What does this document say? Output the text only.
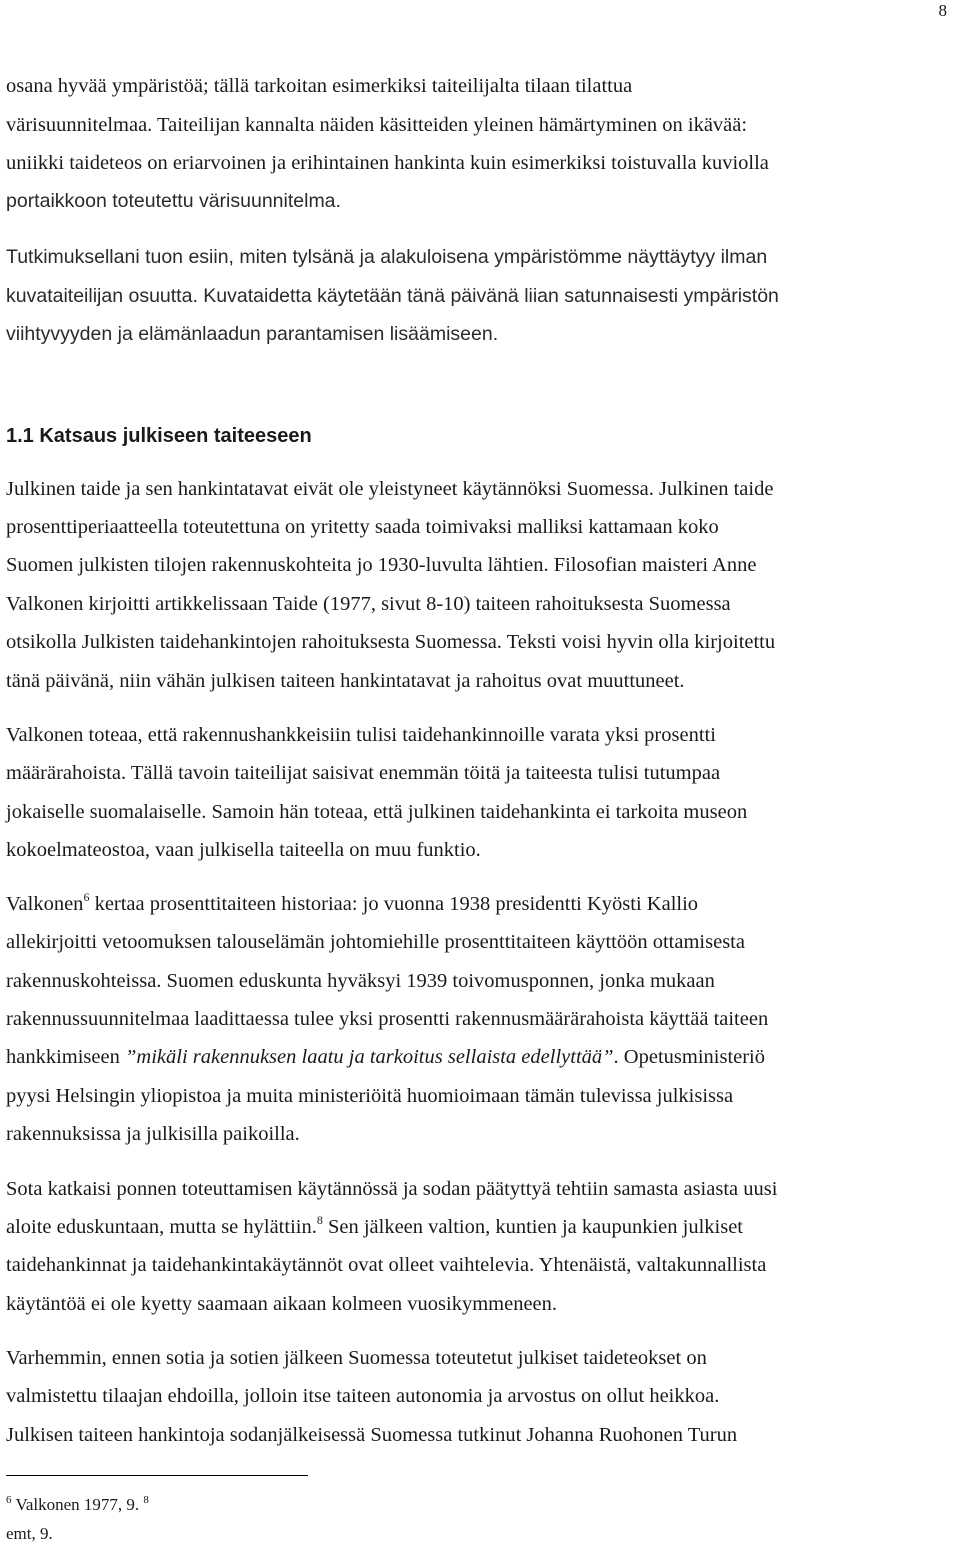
8
osana hyvää ympäristöä; tällä tarkoitan esimerkiksi taiteilijalta tilaan tilattua
värisuunnitelmaa. Taiteilijan kannalta näiden käsitteiden yleinen hämärtyminen on ikävää:
uniikki taideteos on eriarvoinen ja erihintainen hankinta kuin esimerkiksi toistuvalla kuviolla
portaikkoon toteutettu värisuunnitelma.
Tutkimuksellani tuon esiin, miten tylsänä ja alakuloisena ympäristömme näyttäytyy ilman
kuvataiteilijan osuutta. Kuvataidetta käytetään tänä päivänä liian satunnaisesti ympäristön
viihtyvyyden ja elämänlaadun parantamisen lisäämiseen.
1.1 Katsaus julkiseen taiteeseen
Julkinen taide ja sen hankintatavat eivät ole yleistyneet käytännöksi Suomessa. Julkinen taide
prosenttiperiaatteella toteutettuna on yritetty saada toimivaksi malliksi kattamaan koko
Suomen julkisten tilojen rakennuskohteita jo 1930-luvulta lähtien. Filosofian maisteri Anne
Valkonen kirjoitti artikkelissaan Taide (1977, sivut 8-10) taiteen rahoituksesta Suomessa
otsikolla Julkisten taidehankintojen rahoituksesta Suomessa. Teksti voisi hyvin olla kirjoitettu
tänä päivänä, niin vähän julkisen taiteen hankintatavat ja rahoitus ovat muuttuneet.
Valkonen toteaa, että rakennushankkeisiin tulisi taidehankinnoille varata yksi prosentti
määrärahoista. Tällä tavoin taiteilijat saisivat enemmän töitä ja taiteesta tulisi tutumpaa
jokaiselle suomalaiselle. Samoin hän toteaa, että julkinen taidehankinta ei tarkoita museon
kokoelmateostoa, vaan julkisella taiteella on muu funktio.
Valkonen$^6$ kertaa prosenttitaiteen historiaa: jo vuonna 1938 presidentti Kyösti Kallio
allekirjoitti vetoomuksen talouselämän johtomiehille prosenttitaiteen käyttöön ottamisesta
rakennuskohteissa. Suomen eduskunta hyväksyi 1939 toivomusponnen, jonka mukaan
rakennussuunnitelmaa laadittaessa tulee yksi prosentti rakennusmäärärahoista käyttää taiteen
hankkimiseen ”mikäli rakennuksen laatu ja tarkoitus sellaista edellyttää”. Opetusministeriö
pyysi Helsingin yliopistoa ja muita ministeriöitä huomioimaan tämän tulevissa julkisissa
rakennuksissa ja julkisilla paikoilla.
Sota katkaisi ponnen toteuttamisen käytännössä ja sodan päätyttyä tehtiin samasta asiasta uusi
aloite eduskuntaan, mutta se hylättiin.$^8$ Sen jälkeen valtion, kuntien ja kaupunkien julkiset
taidehankinnat ja taidehankintakäytännöt ovat olleet vaihtelevia. Yhtenäistä, valtakunnallista
käytäntöä ei ole kyetty saamaan aikaan kolmeen vuosikymmeneen.
Varhemmin, ennen sotia ja sotien jälkeen Suomessa toteutetut julkiset taideteokset on
valmistettu tilaajan ehdoilla, jolloin itse taiteen autonomia ja arvostus on ollut heikkoa.
Julkisen taiteen hankintoja sodanjälkeisessä Suomessa tutkinut Johanna Ruohonen Turun
$^6$ Valkonen 1977, 9. $^8$
emt, 9.
